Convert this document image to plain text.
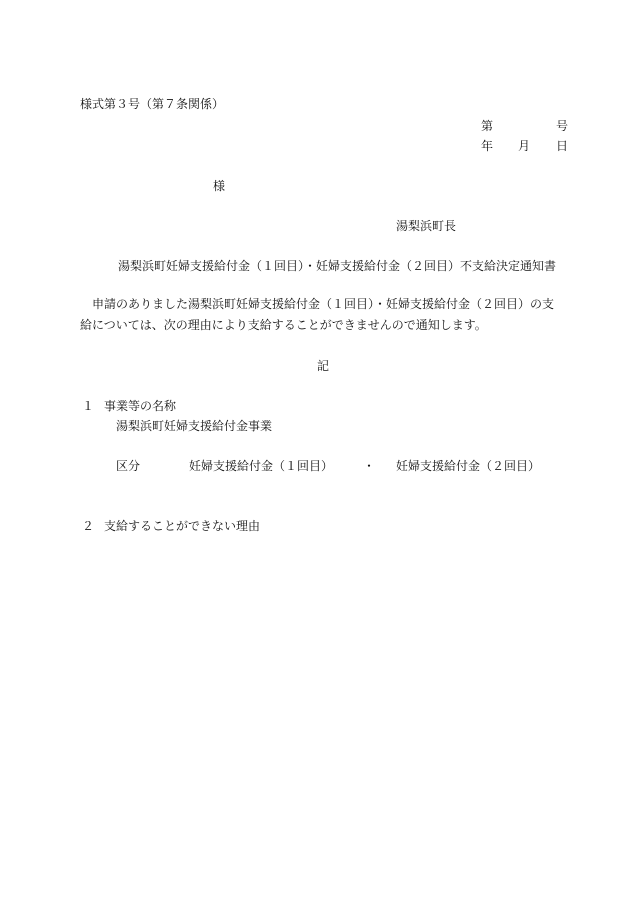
様式第３号（第７条関係）
第	号
年 月 日
様
湯梨浜町長
湯梨浜町妊婦支援給付金（１回目）・妊婦支援給付金（２回目）不支給決定通知書
申請のありました湯梨浜町妊婦支援給付金（１回目）・妊婦支援給付金（２回目）の支
給については、次の理由により支給することができませんので通知します。
記
１ 事業等の名称
湯梨浜町妊婦支援給付金事業
区分	妊婦支援給付金（１回目） ・ 妊婦支援給付金（２回目）
２ 支給することができない理由
